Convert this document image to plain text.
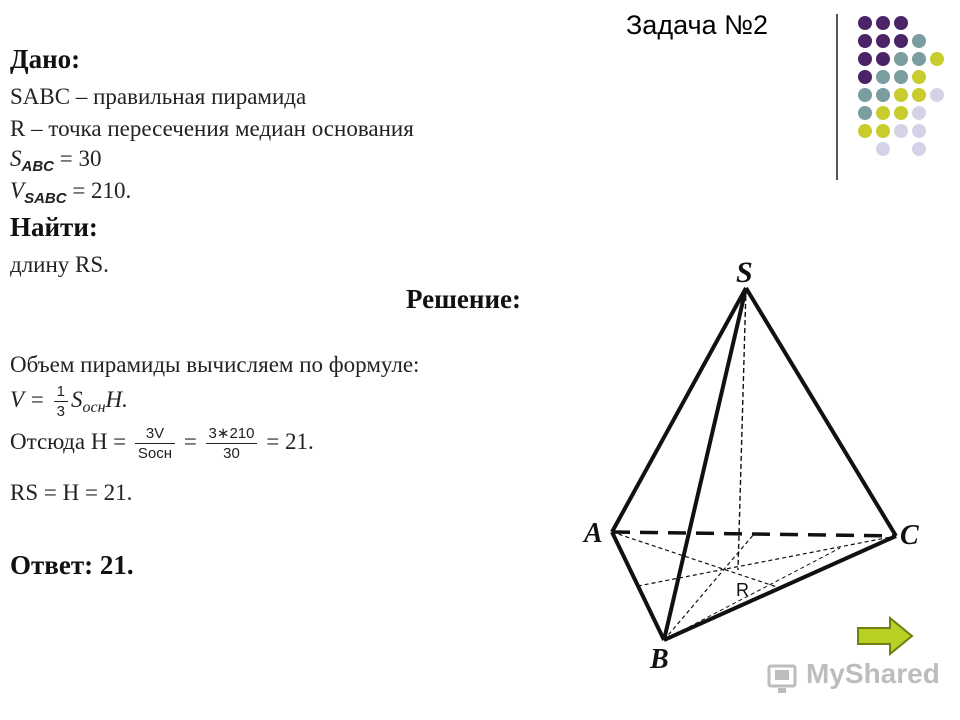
Задача №2
Дано:
SABC – правильная пирамида
R – точка пересечения медиан основания
$S_{ABC} = 30$
$V_{SABC} = 210$.
Найти:
длину RS.
Решение:
Объем пирамиды вычисляем по формуле:
$V = \frac{1}{3} S_{осн}H$.
Отсюда $H = \frac{3V}{\text{Sосн}} = \frac{3∗210}{30} = 21$.
RS = H = 21.
Ответ: 21.
S
A
B
C
R
MyShared
